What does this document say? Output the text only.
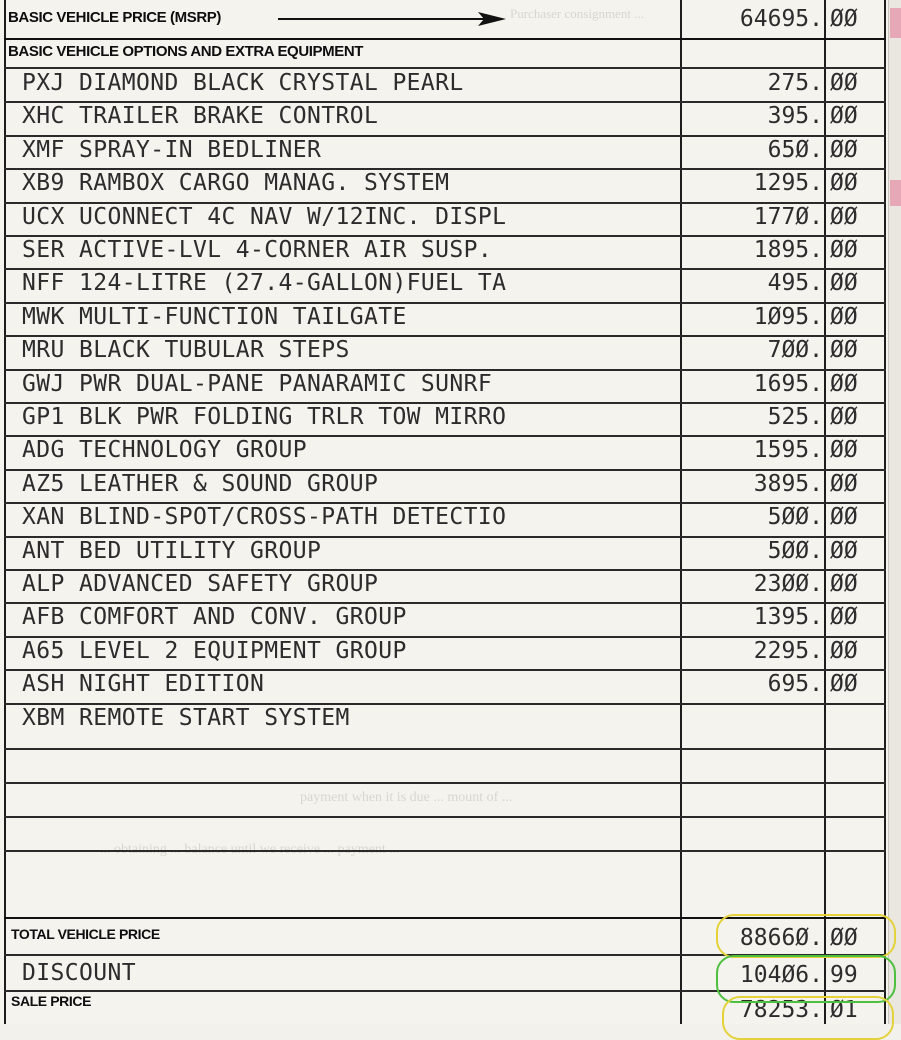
Purchaser consignment ...
payment when it is due ... mount of ...
BASIC VEHICLE PRICE (MSRP)	64695. ØØ
BASIC VEHICLE OPTIONS AND EXTRA EQUIPMENT
PXJ DIAMOND BLACK CRYSTAL PEARL	275. ØØ
XHC TRAILER BRAKE CONTROL	395. ØØ
XMF SPRAY-IN BEDLINER	65Ø. ØØ
XB9 RAMBOX CARGO MANAG. SYSTEM	1295. ØØ
UCX UCONNECT 4C NAV W/12INC. DISPL	177Ø. ØØ
SER ACTIVE-LVL 4-CORNER AIR SUSP.	1895. ØØ
NFF 124-LITRE (27.4-GALLON)FUEL TA	495. ØØ
MWK MULTI-FUNCTION TAILGATE	1Ø95. ØØ
MRU BLACK TUBULAR STEPS	7ØØ. ØØ
GWJ PWR DUAL-PANE PANARAMIC SUNRF	1695. ØØ
GP1 BLK PWR FOLDING TRLR TOW MIRRO	525. ØØ
ADG TECHNOLOGY GROUP	1595. ØØ
AZ5 LEATHER & SOUND GROUP	3895. ØØ
XAN BLIND-SPOT/CROSS-PATH DETECTIO	5ØØ. ØØ
ANT BED UTILITY GROUP	5ØØ. ØØ
ALP ADVANCED SAFETY GROUP	23ØØ. ØØ
AFB COMFORT AND CONV. GROUP	1395. ØØ
A65 LEVEL 2 EQUIPMENT GROUP	2295. ØØ
ASH NIGHT EDITION	695. ØØ
XBM REMOTE START SYSTEM
TOTAL VEHICLE PRICE	8866Ø. ØØ
DISCOUNT	104Ø6. 99
SALE PRICE	78253. Ø1
